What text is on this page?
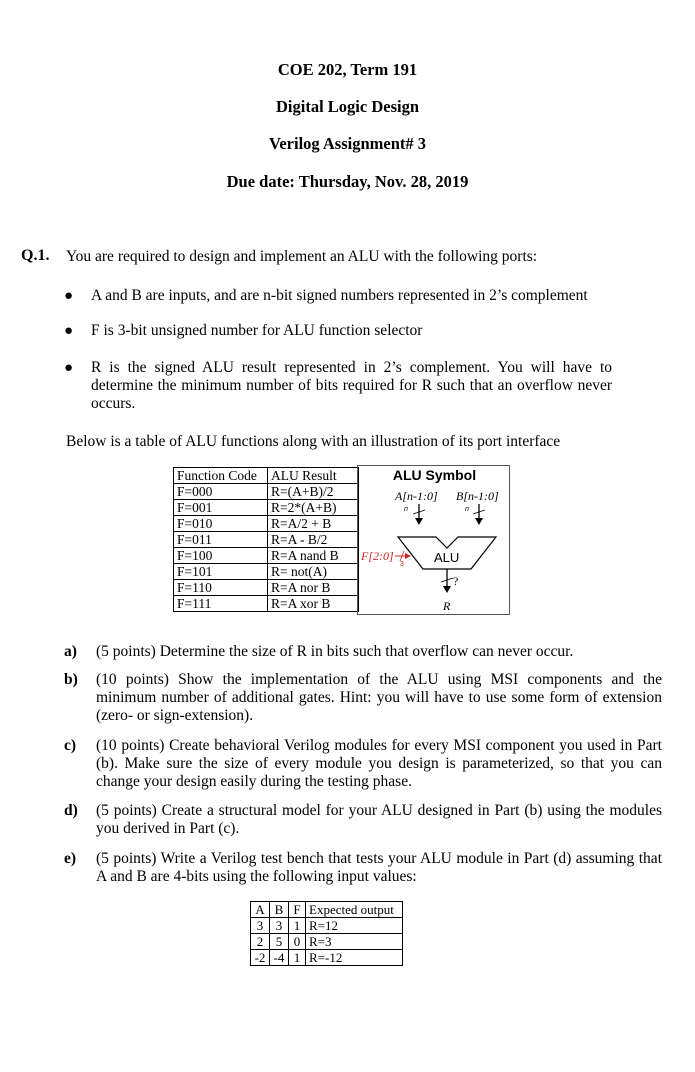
COE 202, Term 191
Digital Logic Design
Verilog Assignment# 3
Due date: Thursday, Nov. 28, 2019
Q.1. You are required to design and implement an ALU with the following ports:
● A and B are inputs, and are n-bit signed numbers represented in 2’s complement
● F is 3-bit unsigned number for ALU function selector
● R is the signed ALU result represented in 2’s complement. You will have to determine the minimum number of bits required for R such that an overflow never occurs.
Below is a table of ALU functions along with an illustration of its port interface
Function Code	ALU Result
F=000	R=(A+B)/2
F=001	R=2*(A+B)
F=010	R=A/2 + B
F=011	R=A - B/2
F=100	R=A nand B
F=101	R= not(A)
F=110	R=A nor B
F=111	R=A xor B
ALU Symbol
A[n-1:0] B[n-1:0]
n	n
F[2:0]
3 ALU
?
R
a) (5 points) Determine the size of R in bits such that overflow can never occur.
b) (10 points) Show the implementation of the ALU using MSI components and the minimum number of additional gates. Hint: you will have to use some form of extension (zero- or sign-extension).
c) (10 points) Create behavioral Verilog modules for every MSI component you used in Part (b). Make sure the size of every module you design is parameterized, so that you can change your design easily during the testing phase.
d) (5 points) Create a structural model for your ALU designed in Part (b) using the modules you derived in Part (c).
e) (5 points) Write a Verilog test bench that tests your ALU module in Part (d) assuming that A and B are 4-bits using the following input values:
A	B	F	Expected output
3	3	1	R=12
2	5	0	R=3
-2	-4	1	R=-12
